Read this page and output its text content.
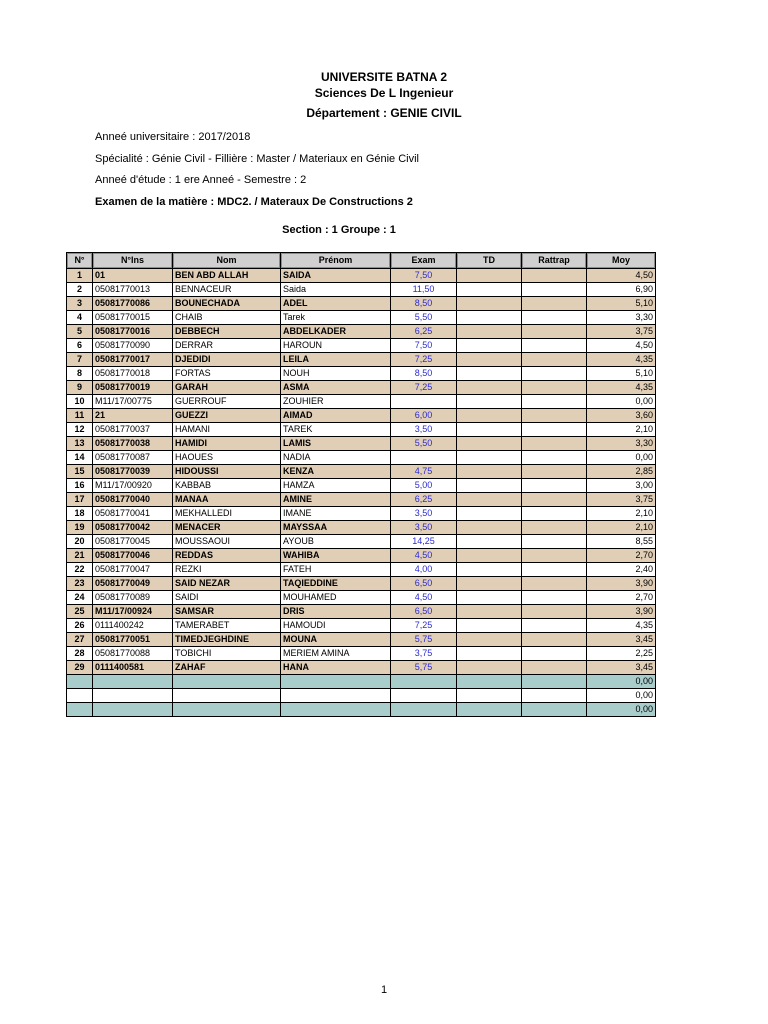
UNIVERSITE BATNA 2
Sciences De L Ingenieur
Département : GENIE CIVIL
Anneé universitaire : 2017/2018
Spécialité : Génie Civil - Fillière : Master / Materiaux en Génie Civil
Anneé d'étude : 1 ere Anneé - Semestre : 2
Examen de la matière : MDC2. / Materaux De Constructions 2
Section : 1 Groupe : 1
N°	N°Ins	Nom	Prénom	Exam	TD	Rattrap	Moy
1	01	BEN ABD ALLAH	SAIDA	7,50			4,50
2	05081770013	BENNACEUR	Saida	11,50			6,90
3	05081770086	BOUNECHADA	ADEL	8,50			5,10
4	05081770015	CHAIB	Tarek	5,50			3,30
5	05081770016	DEBBECH	ABDELKADER	6,25			3,75
6	05081770090	DERRAR	HAROUN	7,50			4,50
7	05081770017	DJEDIDI	LEILA	7,25			4,35
8	05081770018	FORTAS	NOUH	8,50			5,10
9	05081770019	GARAH	ASMA	7,25			4,35
10	M11/17/00775	GUERROUF	ZOUHIER				0,00
11	21	GUEZZI	AIMAD	6,00			3,60
12	05081770037	HAMANI	TAREK	3,50			2,10
13	05081770038	HAMIDI	LAMIS	5,50			3,30
14	05081770087	HAOUES	NADIA				0,00
15	05081770039	HIDOUSSI	KENZA	4,75			2,85
16	M11/17/00920	KABBAB	HAMZA	5,00			3,00
17	05081770040	MANAA	AMINE	6,25			3,75
18	05081770041	MEKHALLEDI	IMANE	3,50			2,10
19	05081770042	MENACER	MAYSSAA	3,50			2,10
20	05081770045	MOUSSAOUI	AYOUB	14,25			8,55
21	05081770046	REDDAS	WAHIBA	4,50			2,70
22	05081770047	REZKI	FATEH	4,00			2,40
23	05081770049	SAID NEZAR	TAQIEDDINE	6,50			3,90
24	05081770089	SAIDI	MOUHAMED	4,50			2,70
25	M11/17/00924	SAMSAR	DRIS	6,50			3,90
26	0111400242	TAMERABET	HAMOUDI	7,25			4,35
27	05081770051	TIMEDJEGHDINE	MOUNA	5,75			3,45
28	05081770088	TOBICHI	MERIEM AMINA	3,75			2,25
29	0111400581	ZAHAF	HANA	5,75			3,45
							0,00
							0,00
							0,00
1
